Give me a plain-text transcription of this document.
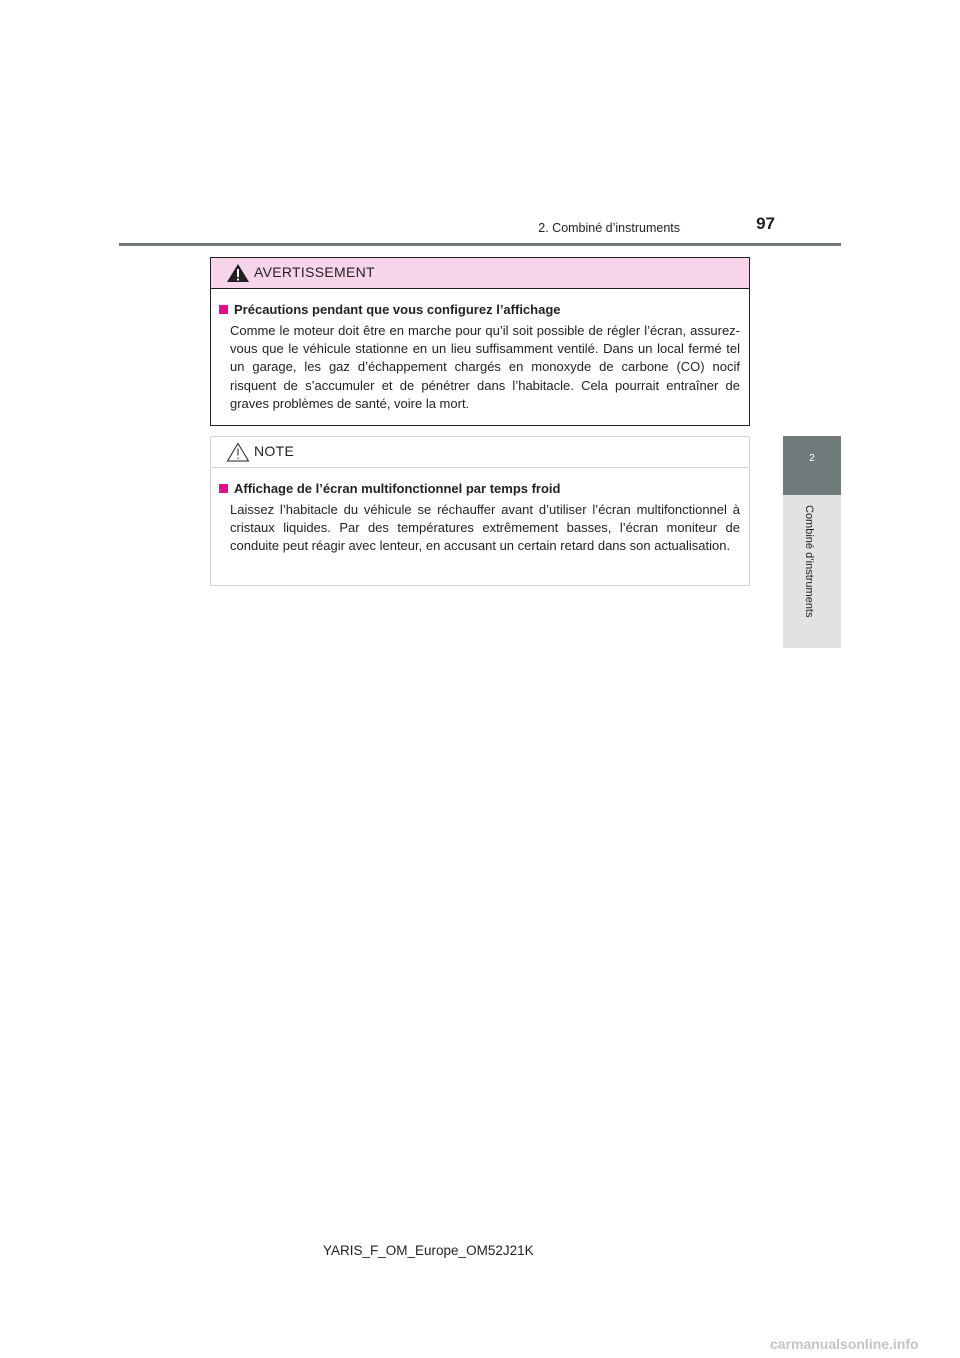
2. Combiné d’instruments	97
2
Combiné d’instruments
AVERTISSEMENT
Précautions pendant que vous configurez l’affichage
Comme le moteur doit être en marche pour qu’il soit possible de régler l’écran, assurez-vous que le véhicule stationne en un lieu suffisamment ventilé. Dans un local fermé tel un garage, les gaz d’échappement chargés en monoxyde de carbone (CO) nocif risquent de s’accumuler et de pénétrer dans l’habitacle. Cela pourrait entraîner de graves problèmes de santé, voire la mort.
NOTE
Affichage de l’écran multifonctionnel par temps froid
Laissez l’habitacle du véhicule se réchauffer avant d’utiliser l’écran multifonctionnel à cristaux liquides. Par des températures extrêmement basses, l’écran moniteur de conduite peut réagir avec lenteur, en accusant un certain retard dans son actualisation.
YARIS_F_OM_Europe_OM52J21K
carmanualsonline.info
